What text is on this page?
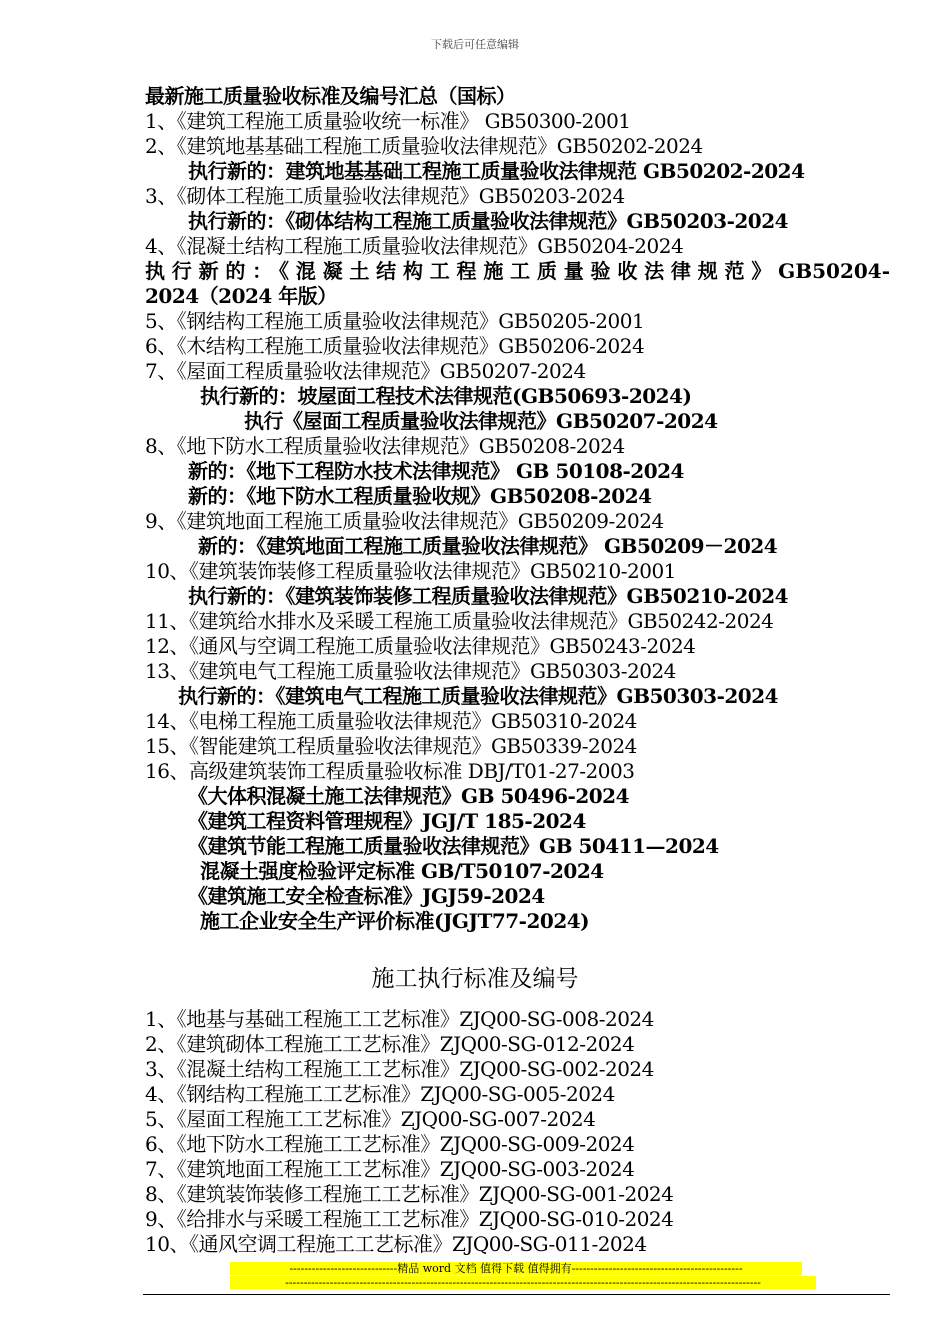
下载后可任意编辑
最新施工质量验收标准及编号汇总（国标）
1、《建筑工程施工质量验收统一标准》 GB50300-2001
2、《建筑地基基础工程施工质量验收法律规范》GB50202-2024
执行新的：建筑地基基础工程施工质量验收法律规范 GB50202-2024
3、《砌体工程施工质量验收法律规范》GB50203-2024
执行新的：《砌体结构工程施工质量验收法律规范》GB50203-2024
4、《混凝土结构工程施工质量验收法律规范》GB50204-2024
执行新的：《混凝土结构工程施工质量验收法律规范》GB50204-
2024（2024 年版）
5、《钢结构工程施工质量验收法律规范》GB50205-2001
6、《木结构工程施工质量验收法律规范》GB50206-2024
7、《屋面工程质量验收法律规范》GB50207-2024
执行新的：坡屋面工程技术法律规范(GB50693-2024)
执行《屋面工程质量验收法律规范》GB50207-2024
8、《地下防水工程质量验收法律规范》GB50208-2024
新的：《地下工程防水技术法律规范》 GB 50108-2024
新的：《地下防水工程质量验收规》GB50208-2024
9、《建筑地面工程施工质量验收法律规范》GB50209-2024
新的：《建筑地面工程施工质量验收法律规范》 GB50209－2024
10、《建筑装饰装修工程质量验收法律规范》GB50210-2001
执行新的：《建筑装饰装修工程质量验收法律规范》GB50210-2024
11、《建筑给水排水及采暖工程施工质量验收法律规范》GB50242-2024
12、《通风与空调工程施工质量验收法律规范》GB50243-2024
13、《建筑电气工程施工质量验收法律规范》GB50303-2024
执行新的：《建筑电气工程施工质量验收法律规范》GB50303-2024
14、《电梯工程施工质量验收法律规范》GB50310-2024
15、《智能建筑工程质量验收法律规范》GB50339-2024
16、高级建筑装饰工程质量验收标准 DBJ/T01-27-2003
《大体积混凝土施工法律规范》GB 50496-2024
《建筑工程资料管理规程》JGJ/T 185-2024
《建筑节能工程施工质量验收法律规范》GB 50411—2024
混凝土强度检验评定标准 GB/T50107-2024
《建筑施工安全检查标准》JGJ59-2024
施工企业安全生产评价标准(JGJT77-2024)
施工执行标准及编号
1、《地基与基础工程施工工艺标准》ZJQ00-SG-008-2024
2、《建筑砌体工程施工工艺标准》ZJQ00-SG-012-2024
3、《混凝土结构工程施工工艺标准》ZJQ00-SG-002-2024
4、《钢结构工程施工工艺标准》ZJQ00-SG-005-2024
5、《屋面工程施工工艺标准》ZJQ00-SG-007-2024
6、《地下防水工程施工工艺标准》ZJQ00-SG-009-2024
7、《建筑地面工程施工工艺标准》ZJQ00-SG-003-2024
8、《建筑装饰装修工程施工工艺标准》ZJQ00-SG-001-2024
9、《给排水与采暖工程施工工艺标准》ZJQ00-SG-010-2024
10、《通风空调工程施工工艺标准》ZJQ00-SG-011-2024
-----------------------------精品 word 文档 值得下载 值得拥有----------------------------------------------
--------------------------------------------------------------------------------------------------------------------------------
